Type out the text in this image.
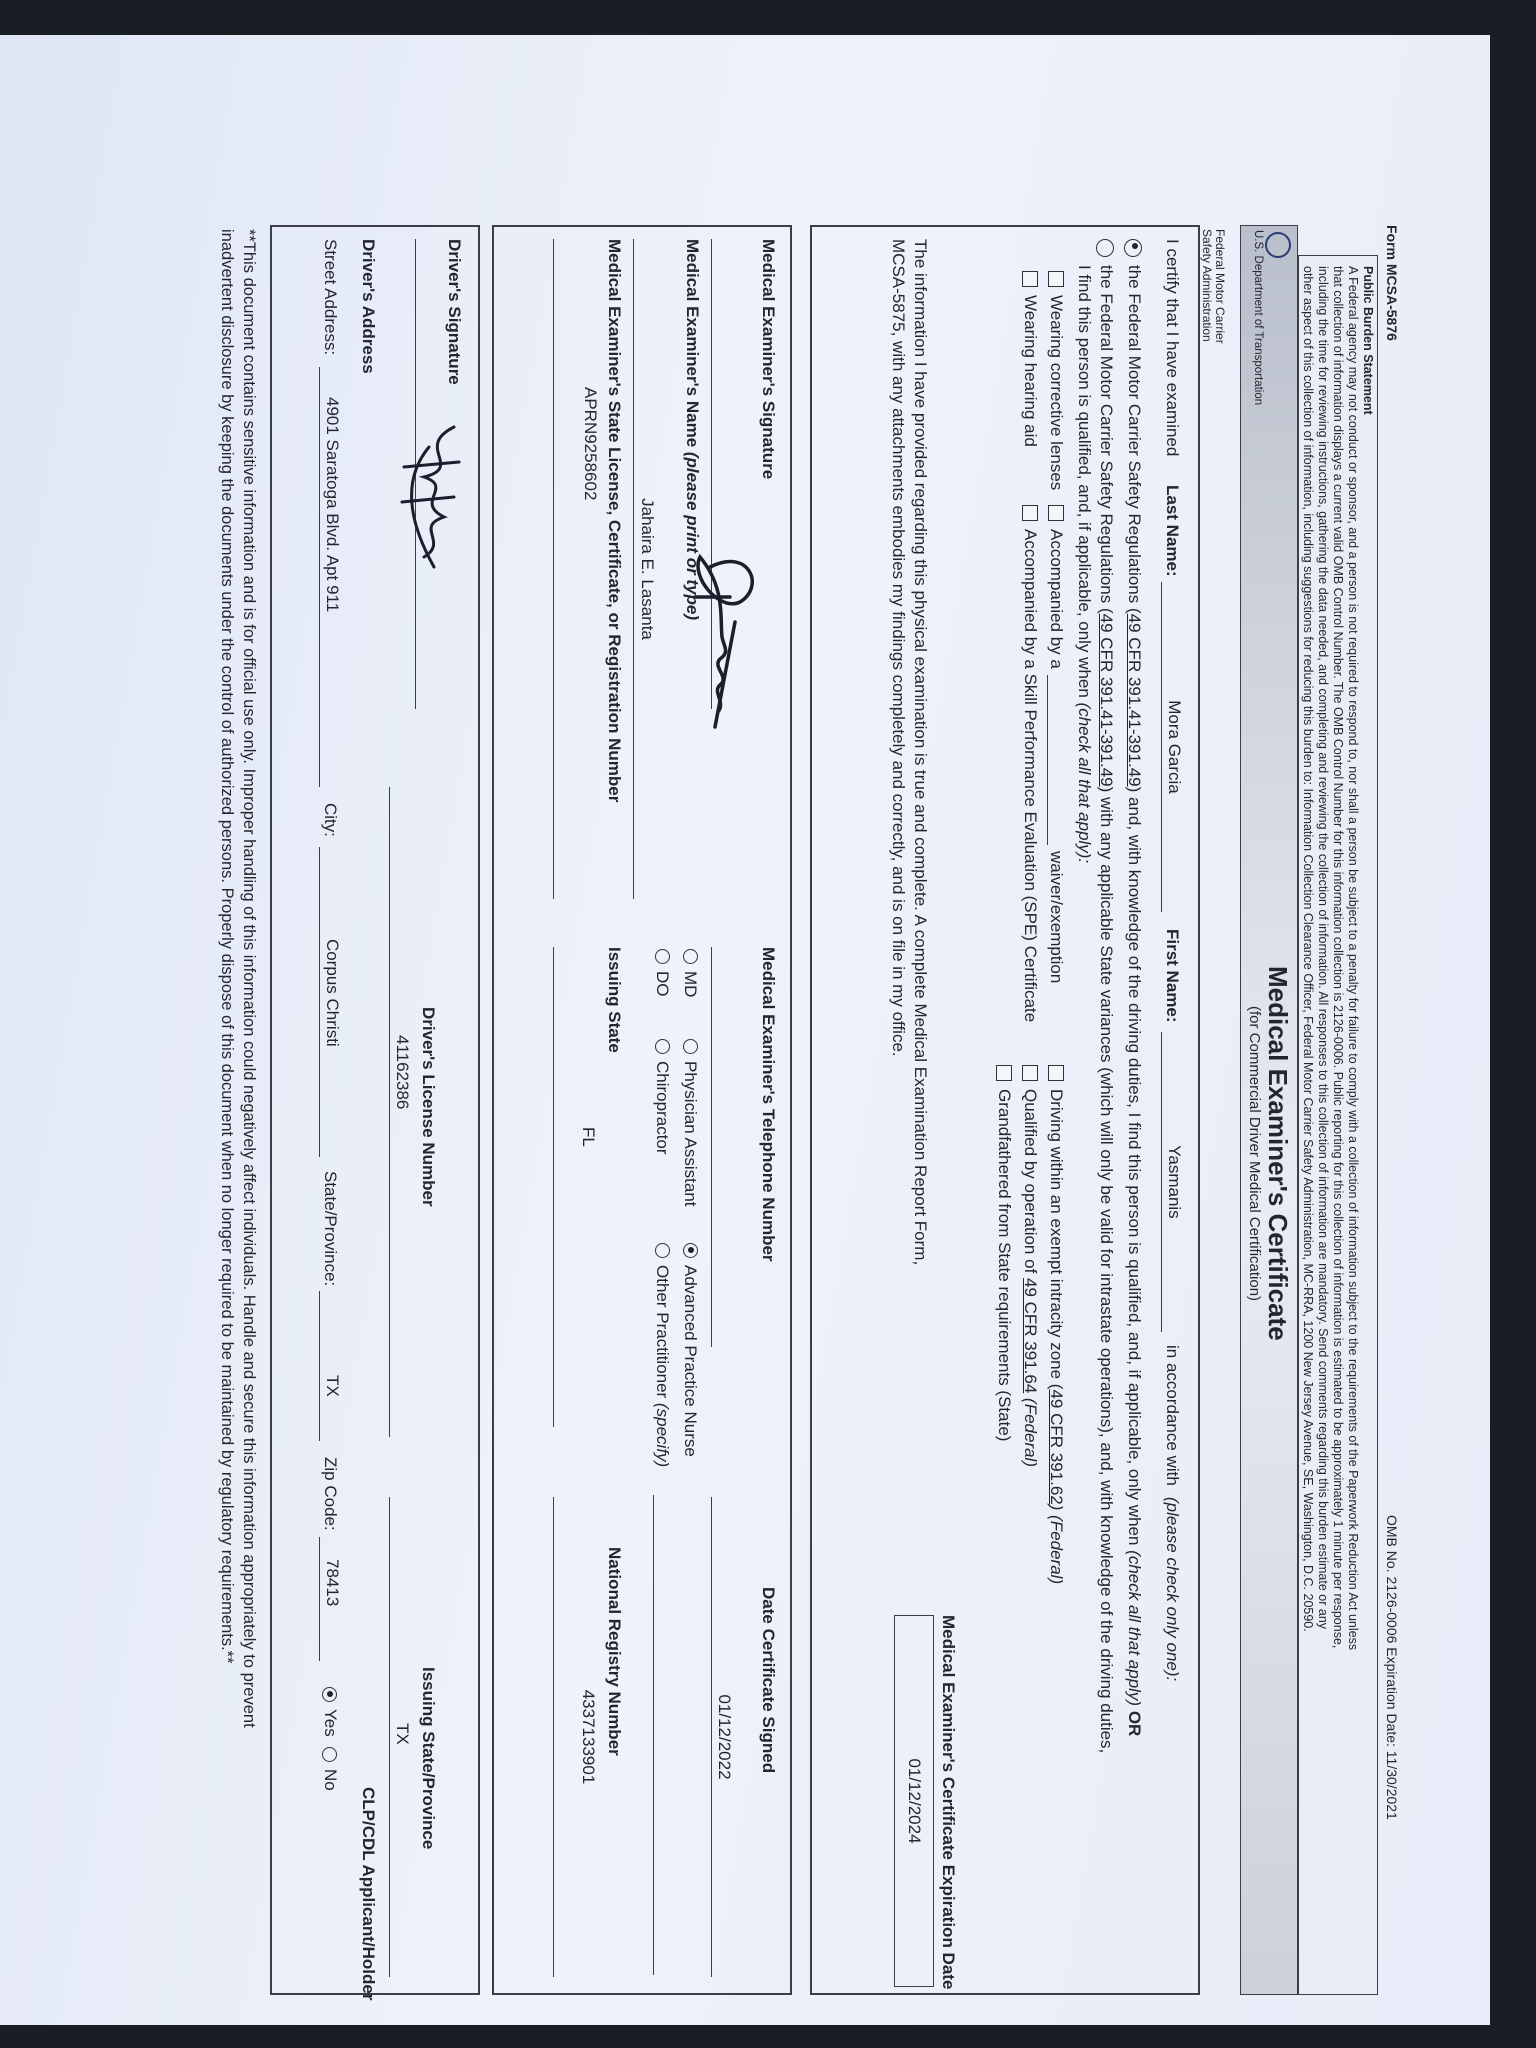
Form MCSA-5876
OMB No. 2126-0006 Expiration Date: 11/30/2021
Public Burden Statement
A Federal agency may not conduct or sponsor, and a person is not required to respond to, nor shall a person be subject to a penalty for failure to comply with a collection of information subject to the requirements of the Paperwork Reduction Act unless
that collection of information displays a current valid OMB Control Number. The OMB Control Number for this information collection is 2126-0006. Public reporting for this collection of information is estimated to be approximately 1 minute per response,
including the time for reviewing instructions, gathering the data needed, and completing and reviewing the collection of information. All responses to this collection of information are mandatory. Send comments regarding this burden estimate or any
other aspect of this collection of information, including suggestions for reducing this burden to: Information Collection Clearance Officer, Federal Motor Carrier Safety Administration, MC-RRA, 1200 New Jersey Avenue, SE, Washington, D.C. 20590.
U.S. Department of Transportation
Medical Examiner's Certificate
(for Commercial Driver Medical Certification)
Federal Motor Carrier
Safety Administration
I certify that I have examined
Last Name:
Mora Garcia
First Name:
Yasmanis
in accordance with
(please check only one):
the Federal Motor Carrier Safety Regulations (49 CFR 391.41-391.49) and, with knowledge of the driving duties, I find this person is qualified, and, if applicable, only when (check all that apply) OR
the Federal Motor Carrier Safety Regulations (49 CFR 391.41-391.49) with any applicable State variances (which will only be valid for intrastate operations), and, with knowledge of the driving duties,
I find this person is qualified, and, if applicable, only when (check all that apply):
Wearing corrective lenses
Wearing hearing aid
Accompanied by a
waiver/exemption
Accompanied by a Skill Performance Evaluation (SPE) Certificate
Driving within an exempt intracity zone (49 CFR 391.62) (Federal)
Qualified by operation of 49 CFR 391.64 (Federal)
Grandfathered from State requirements (State)
The information I have provided regarding this physical examination is true and complete. A complete Medical Examination Report Form,
MCSA-5875, with any attachments embodies my findings completely and correctly, and is on file in my office.
Medical Examiner's Certificate Expiration Date
01/12/2024
Medical Examiner's Signature
Medical Examiner's Telephone Number
Date Certificate Signed
01/12/2022
Medical Examiner's Name (please print or type)
Jahaira E. Lasanta
MD
DO
Physician Assistant
Chiropractor
Advanced Practice Nurse
Other Practitioner (specify)
Medical Examiner's State License, Certificate, or Registration Number
APRN9258602
Issuing State
FL
National Registry Number
4337133901
Driver's Signature
Driver's License Number
41162386
Issuing State/Province
TX
Driver's Address
CLP/CDL Applicant/Holder
Street Address:
4901 Saratoga Blvd. Apt 911
City:
Corpus Christi
State/Province:
TX
Zip Code:
78413
Yes
No
**This document contains sensitive information and is for official use only. Improper handling of this information could negatively affect individuals. Handle and secure this information appropriately to prevent
inadvertent disclosure by keeping the documents under the control of authorized persons. Properly dispose of this document when no longer required to be maintained by regulatory requirements.**
